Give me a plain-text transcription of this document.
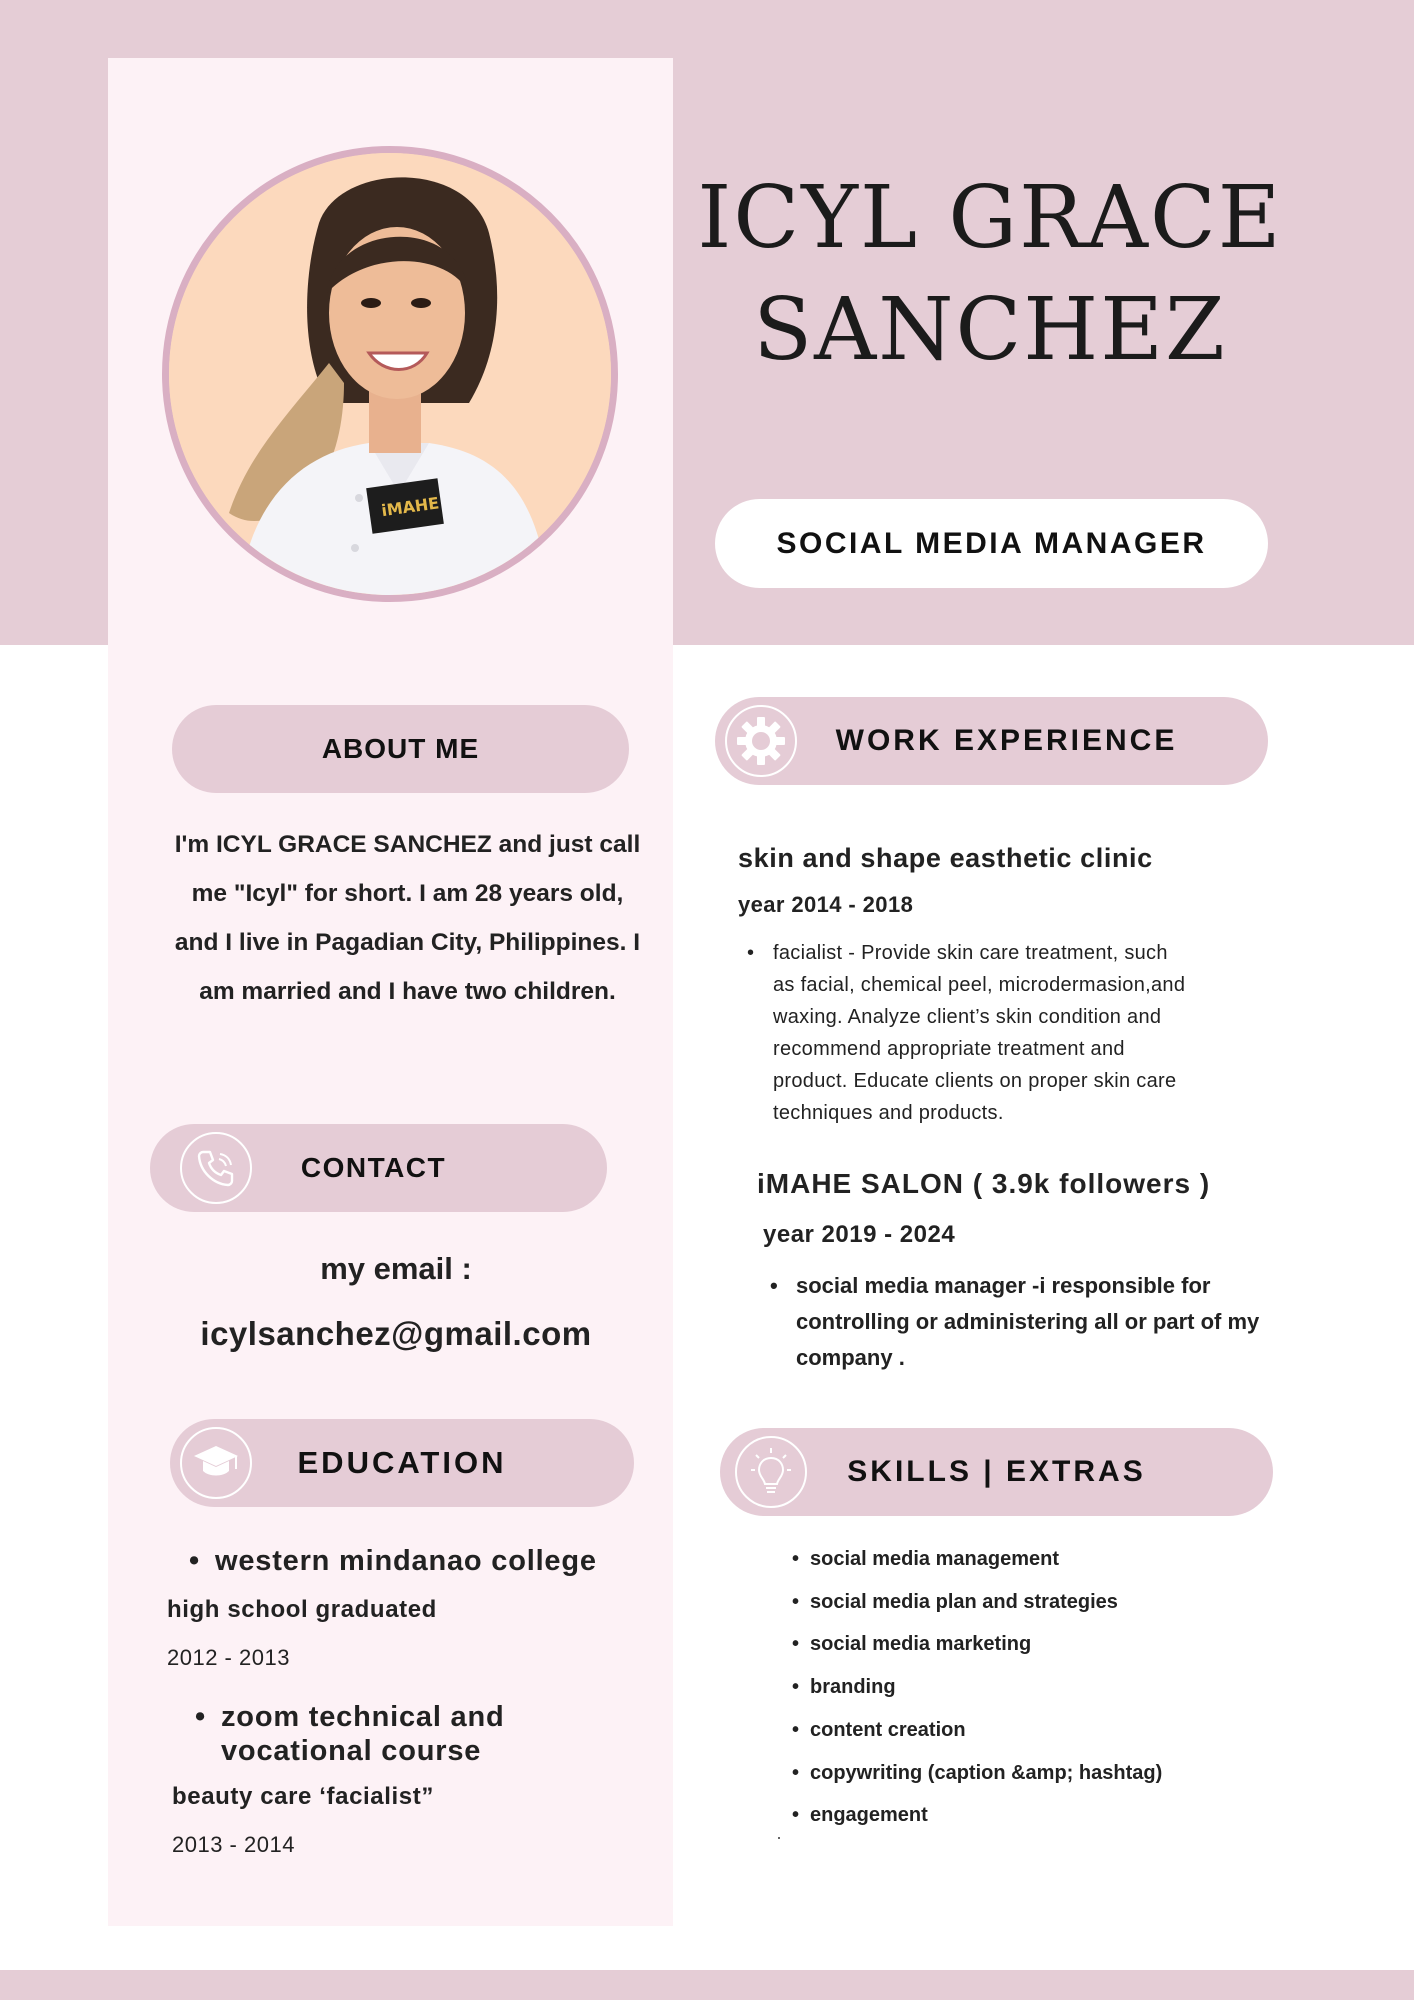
iMAHE
ICYL GRACE
SANCHEZ
SOCIAL MEDIA MANAGER
ABOUT ME
I'm ICYL GRACE SANCHEZ and just call me "Icyl" for short. I am 28 years old, and I live in Pagadian City, Philippines. I am married and I have two children.
CONTACT
my email :
icylsanchez@gmail.com
EDUCATION
• western mindanao college
high school graduated
2012 - 2013
• zoom technical and
vocational course
beauty care ‘facialist”
2013 - 2014
WORK EXPERIENCE
skin and shape easthetic clinic
year 2014 - 2018
• facialist - Provide skin care treatment, such
as facial, chemical peel, microdermasion,and
waxing. Analyze client’s skin condition and
recommend appropriate treatment and
product. Educate clients on proper skin care
techniques and products.
iMAHE SALON ( 3.9k followers )
year 2019 - 2024
• social media manager -i responsible for
controlling or administering all or part of my
company .
SKILLS | EXTRAS
• social media management
• social media plan and strategies
• social media marketing
• branding
• content creation
• copywriting (caption &amp; hashtag)
• engagement
